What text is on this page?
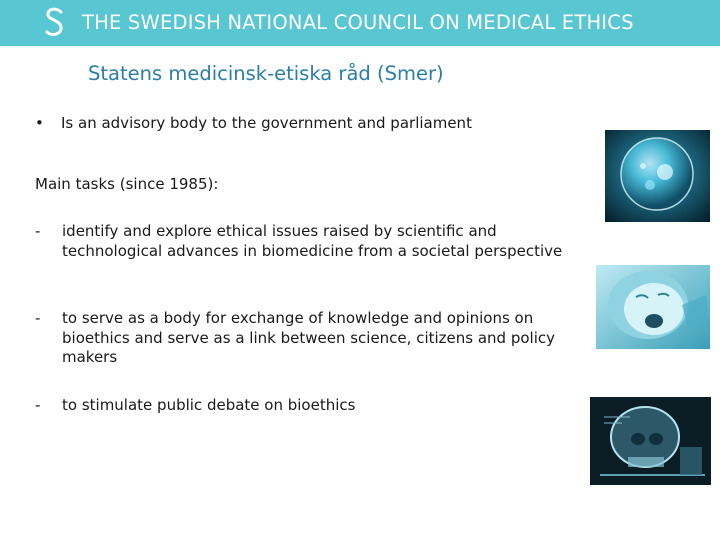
THE SWEDISH NATIONAL COUNCIL ON MEDICAL ETHICS
Statens medicinsk-etiska råd (Smer)
• Is an advisory body to the government and parliament
Main tasks (since 1985):
- identify and explore ethical issues raised by scientific and technological advances in biomedicine from a societal perspective
- to serve as a body for exchange of knowledge and opinions on bioethics and serve as a link between science, citizens and policy makers
- to stimulate public debate on bioethics
